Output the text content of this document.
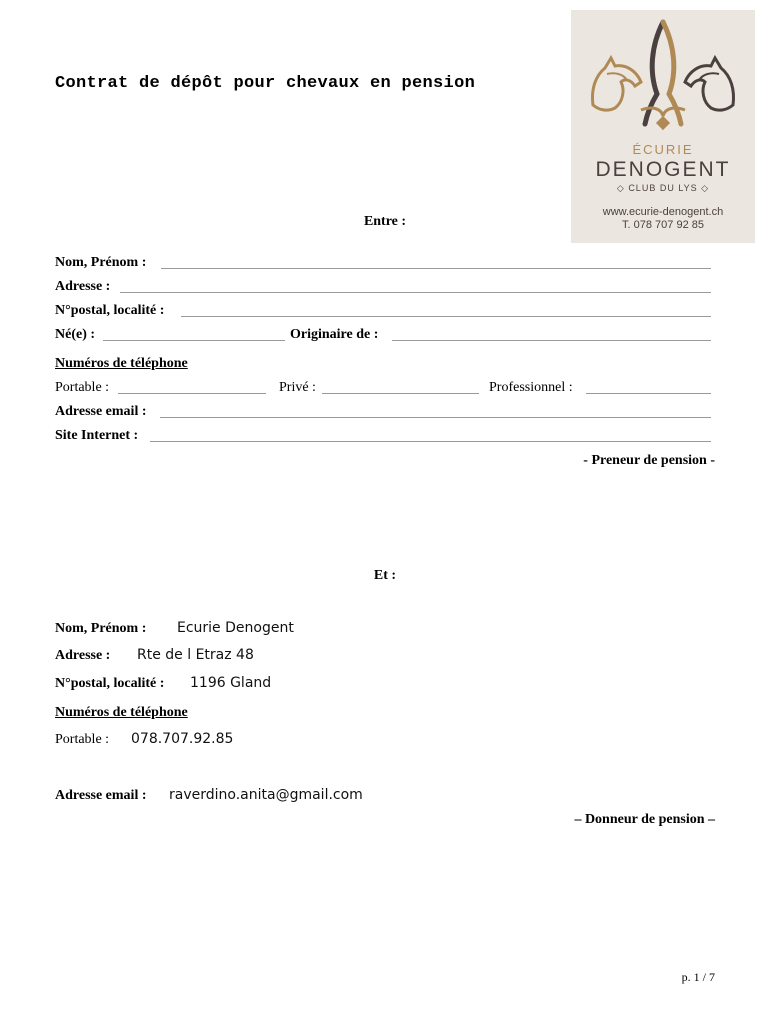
Contrat de dépôt pour chevaux en pension
ÉCURIE
DENOGENT
◇ CLUB DU LYS ◇
www.ecurie-denogent.ch
T. 078 707 92 85
Entre :
Nom, Prénom :
Adresse :
N°postal, localité :
Né(e) :	Originaire de :
Numéros de téléphone
Portable :	Privé :	Professionnel :
Adresse email :
Site Internet :
- Preneur de pension -
Et :
Nom, Prénom : Ecurie Denogent
Adresse : Rte de l Etraz 48
N°postal, localité : 1196 Gland
Numéros de téléphone
Portable : 078.707.92.85
Adresse email : raverdino.anita@gmail.com
– Donneur de pension –
p. 1 / 7
